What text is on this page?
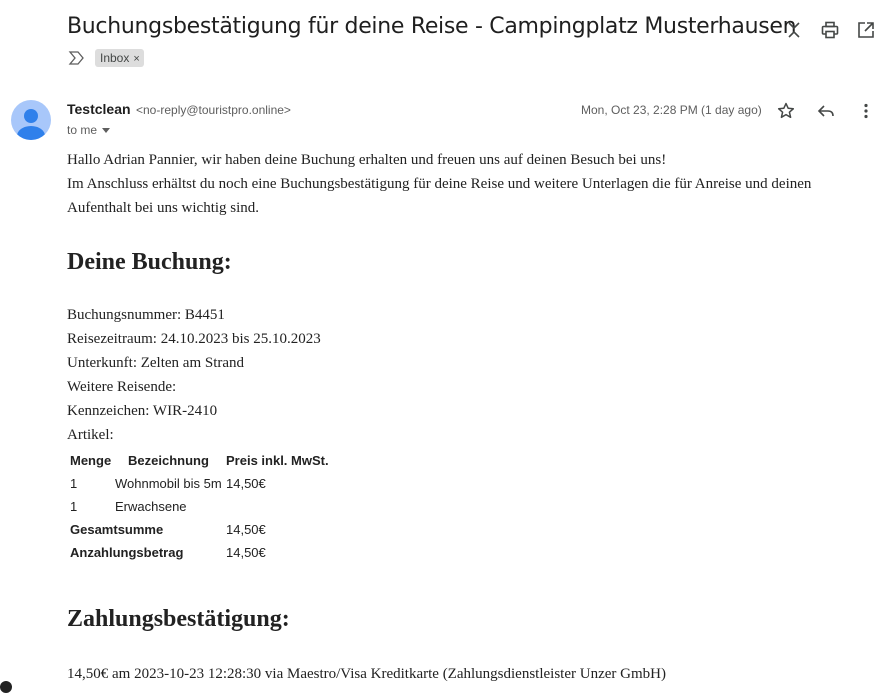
Buchungsbestätigung für deine Reise - Campingplatz Musterhausen
Inbox ×
Testclean <no-reply@touristpro.online>
to me
Mon, Oct 23, 2:28 PM (1 day ago)
Hallo Adrian Pannier, wir haben deine Buchung erhalten und freuen uns auf deinen Besuch bei uns!
Im Anschluss erhältst du noch eine Buchungsbestätigung für deine Reise und weitere Unterlagen die für Anreise und deinen
Aufenthalt bei uns wichtig sind.
Deine Buchung:
Buchungsnummer: B4451
Reisezeitraum: 24.10.2023 bis 25.10.2023
Unterkunft: Zelten am Strand
Weitere Reisende:
Kennzeichen: WIR-2410
Artikel:
Menge	Bezeichnung	Preis inkl. MwSt.
1	Wohnmobil bis 5m	14,50€
1	Erwachsene	
Gesamtsumme		14,50€
Anzahlungsbetrag		14,50€
Zahlungsbestätigung:
14,50€ am 2023-10-23 12:28:30 via Maestro/Visa Kreditkarte (Zahlungsdienstleister Unzer GmbH)
